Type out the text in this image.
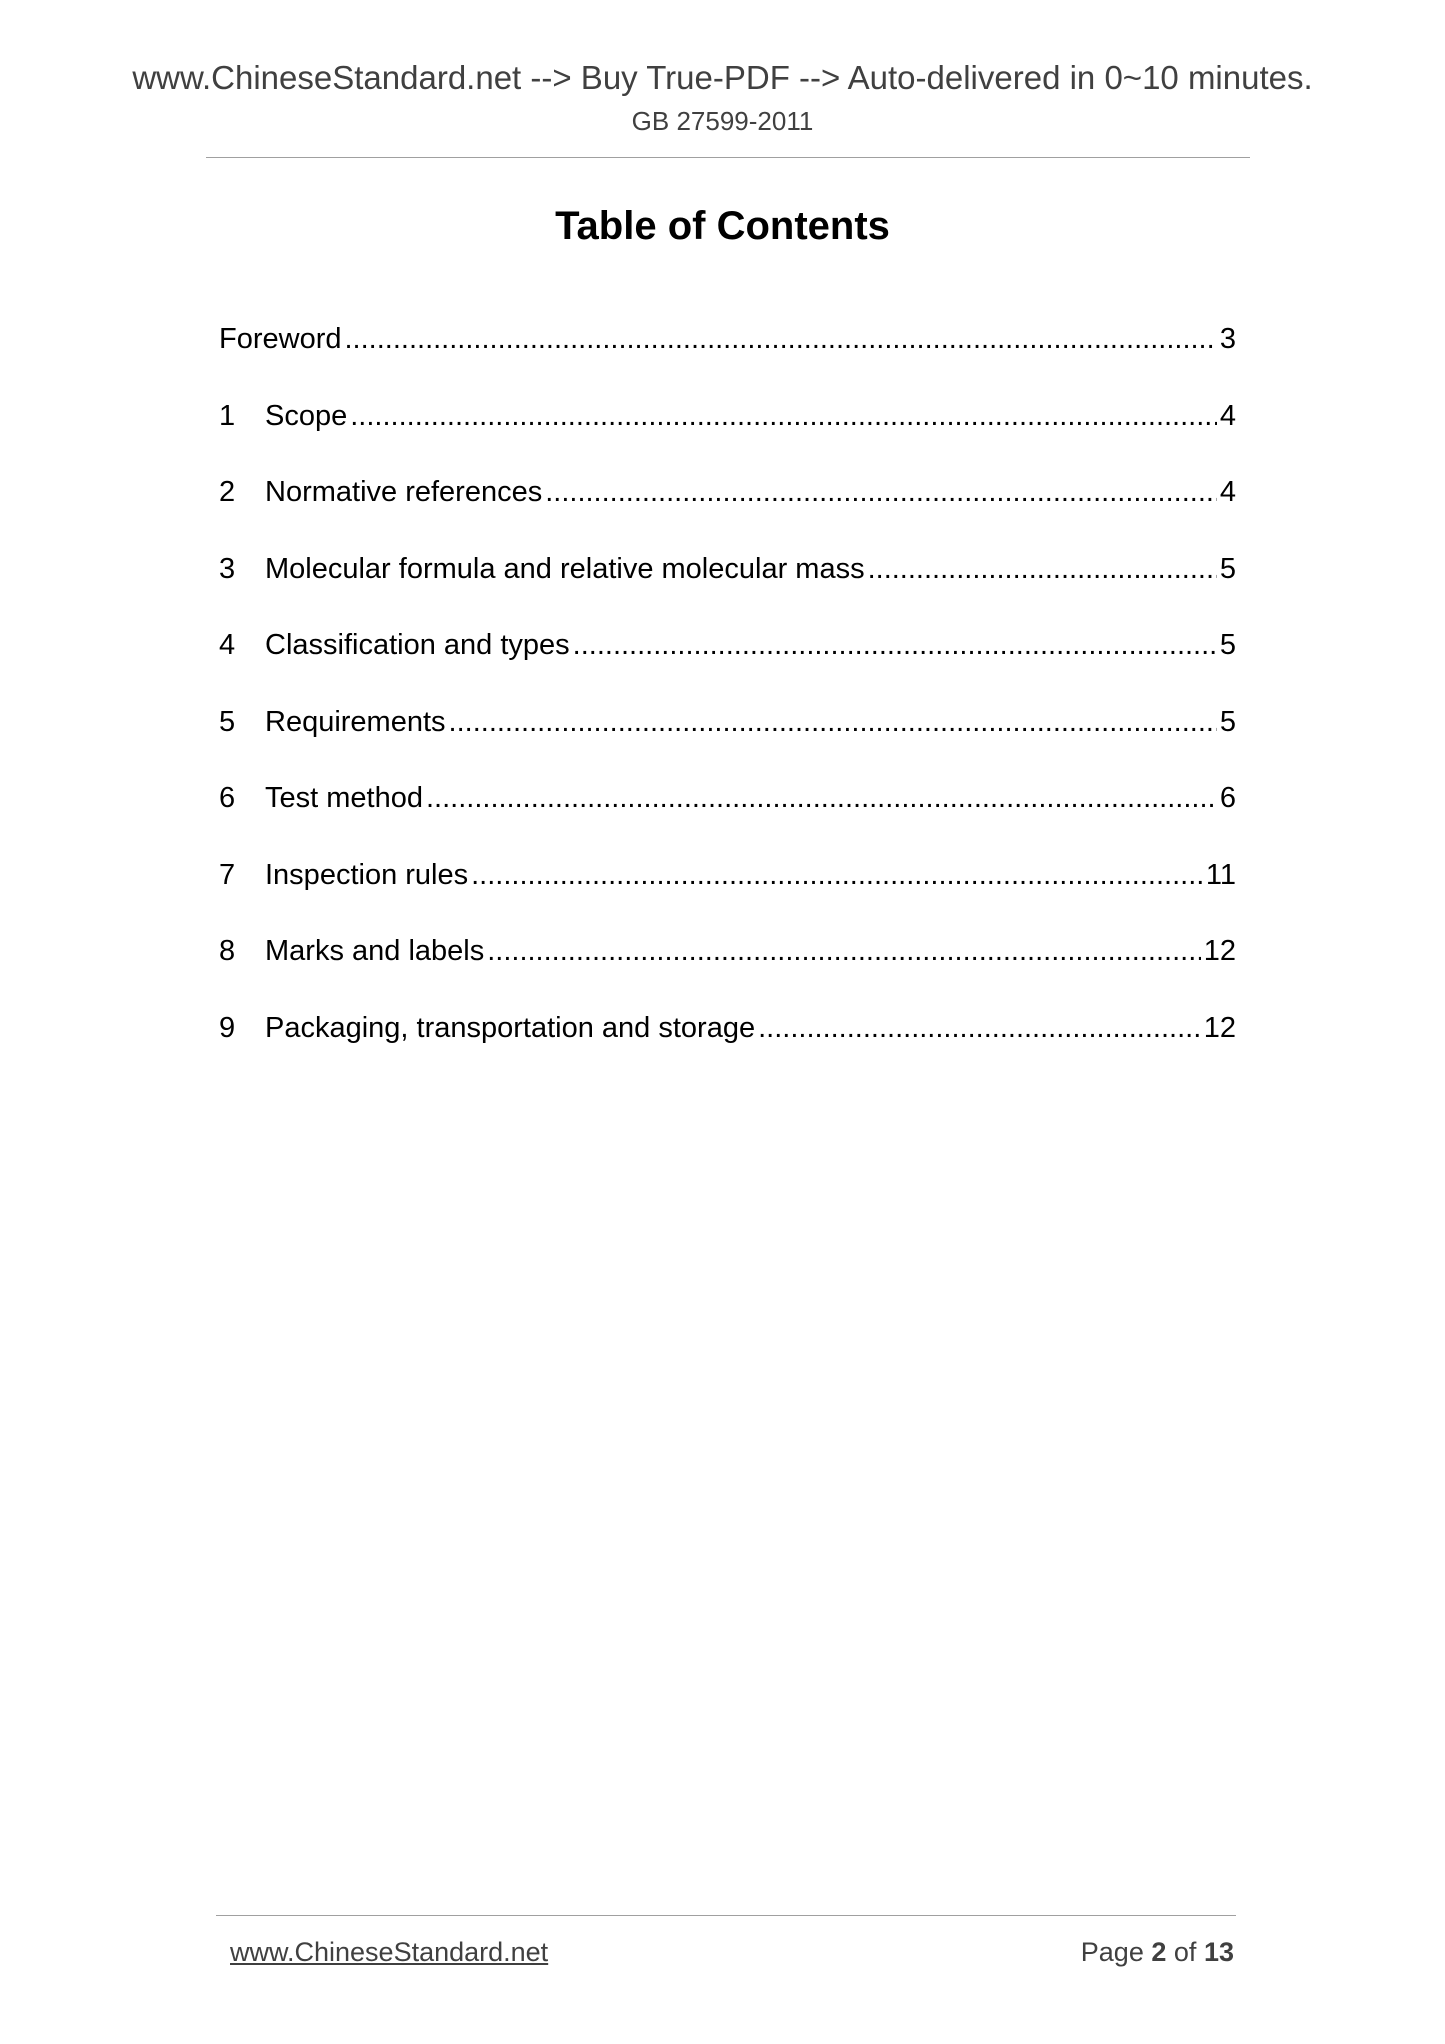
www.ChineseStandard.net --> Buy True-PDF --> Auto-delivered in 0~10 minutes.
GB 27599-2011
Table of Contents
Foreword .....	3
1	Scope .....	4
2	Normative references .....	4
3	Molecular formula and relative molecular mass .....	5
4	Classification and types .....	5
5	Requirements .....	5
6	Test method .....	6
7	Inspection rules .....	11
8	Marks and labels .....	12
9	Packaging, transportation and storage .....	12
www.ChineseStandard.net	Page 2 of 13
